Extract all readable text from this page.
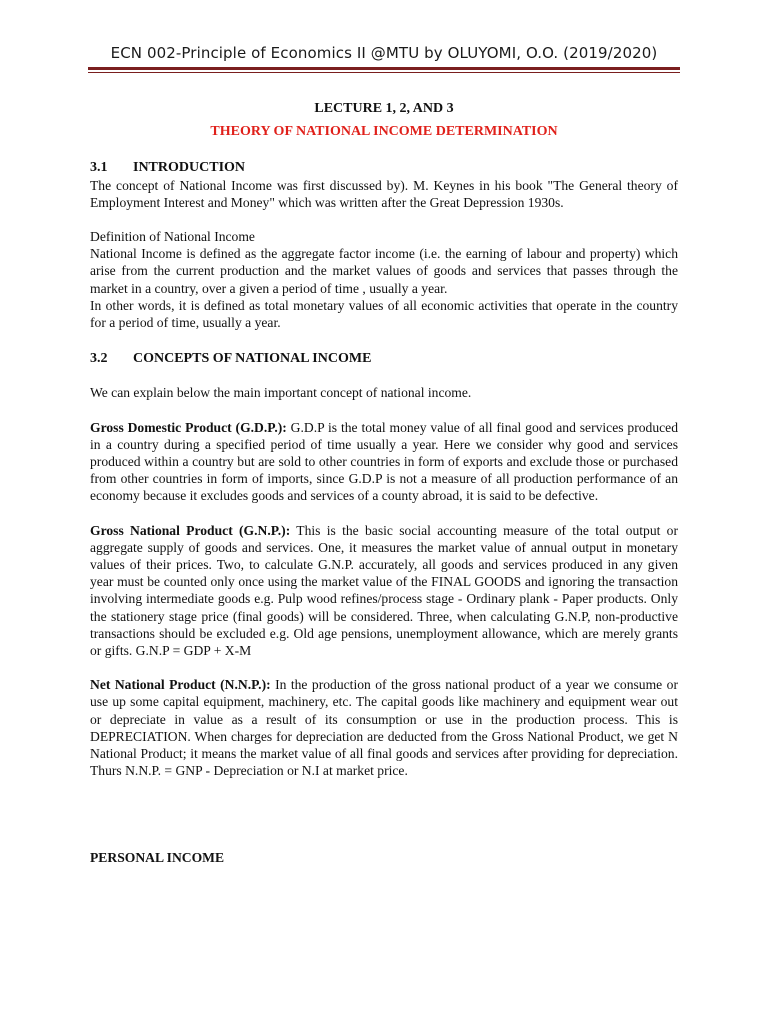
ECN 002-Principle of Economics II @MTU by OLUYOMI, O.O. (2019/2020)
LECTURE 1, 2, AND 3
THEORY OF NATIONAL INCOME DETERMINATION
3.1 INTRODUCTION

The concept of National Income was first discussed by). M. Keynes in his book "The General theory of Employment Interest and Money" which was written after the Great Depression 1930s.

Definition of National Income

National Income is defined as the aggregate factor income (i.e. the earning of labour and property) which arise from the current production and the market values of goods and services that passes through the market in a country, over a given a period of time , usually a year.

In other words, it is defined as total monetary values of all economic activities that operate in the country for a period of time, usually a year.

3.2 CONCEPTS OF NATIONAL INCOME

We can explain below the main important concept of national income.

Gross Domestic Product (G.D.P.): G.D.P is the total money value of all final good and services produced in a country during a specified period of time usually a year. Here we consider why good and services produced within a country but are sold to other countries in form of exports and exclude those or purchased from other countries in form of imports, since G.D.P is not a measure of all production performance of an economy because it excludes goods and services of a county abroad, it is said to be defective.

Gross National Product (G.N.P.): This is the basic social accounting measure of the total output or aggregate supply of goods and services. One, it measures the market value of annual output in monetary values of their prices. Two, to calculate G.N.P. accurately, all goods and services produced in any given year must be counted only once using the market value of the FINAL GOODS and ignoring the transaction involving intermediate goods e.g. Pulp wood refines/process stage - Ordinary plank - Paper products. Only the stationery stage price (final goods) will be considered. Three, when calculating G.N.P, non-productive transactions should be excluded e.g. Old age pensions, unemployment allowance, which are merely grants or gifts. G.N.P = GDP + X-M

Net National Product (N.N.P.): In the production of the gross national product of a year we consume or use up some capital equipment, machinery, etc. The capital goods like machinery and equipment wear out or depreciate in value as a result of its consumption or use in the production process. This is DEPRECIATION. When charges for depreciation are deducted from the Gross National Product, we get N National Product; it means the market value of all final goods and services after providing for depreciation. Thurs N.N.P. = GNP - Depreciation or N.I at market price.

PERSONAL INCOME
